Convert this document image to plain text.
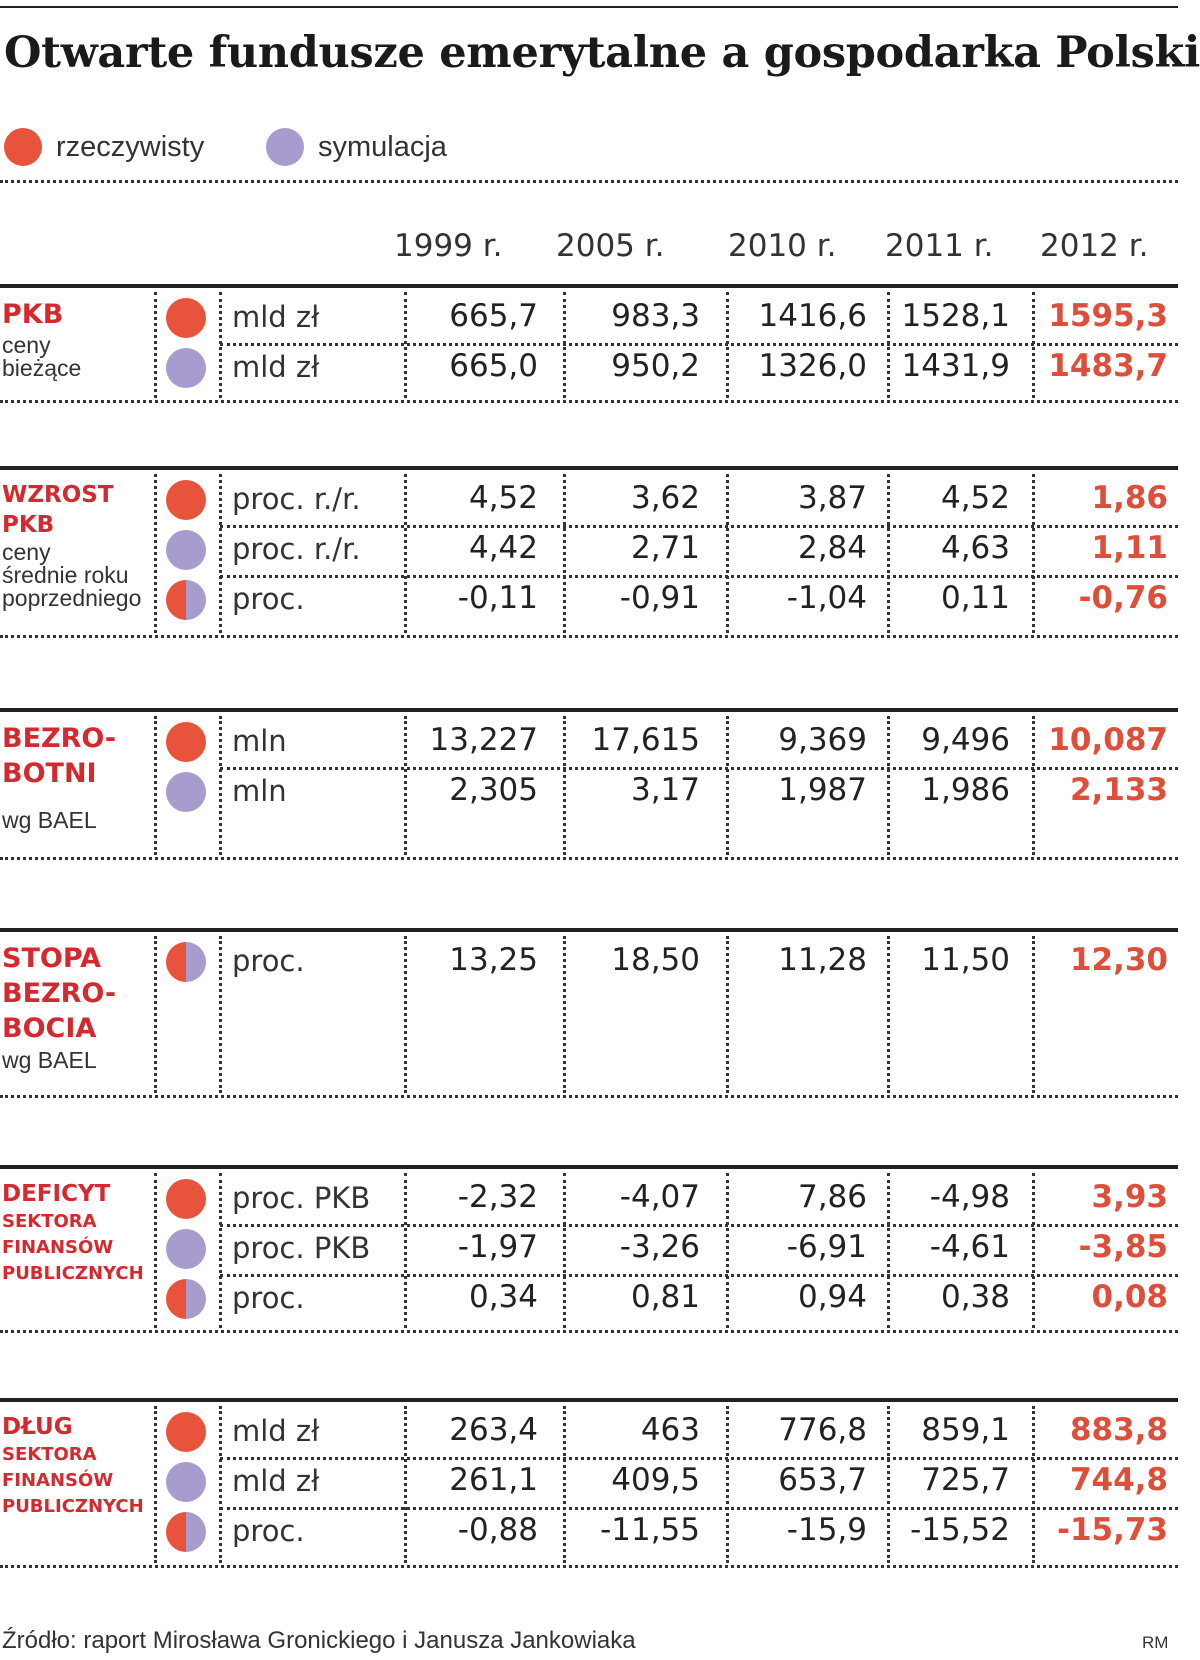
Otwarte fundusze emerytalne a gospodarka Polski
rzeczywisty	symulacja
1999 r. 2005 r. 2010 r. 2011 r. 2012 r.
PKB
ceny
bieżące
mld zł	665,7 983,3 1416,6 1528,1 1595,3
mld zł	665,0 950,2 1326,0 1431,9 1483,7
WZROST
PKB
ceny
średnie roku
poprzedniego
proc. r./r.	4,52	3,62	3,87 4,52	1,86
proc. r./r.	4,42	2,71	2,84 4,63	1,11
proc.	-0,11	-0,91	-1,04 0,11 -0,76
BEZRO-
BOTNI
wg BAEL
mln	13,227 17,615	9,369 9,496 10,087
mln	2,305	3,17	1,987 1,986 2,133
STOPA
BEZRO-
BOCIA
wg BAEL
proc.	13,25 18,50	11,28 11,50 12,30
DEFICYT
SEKTORA
FINANSÓW
PUBLICZNYCH
proc. PKB	-2,32	-4,07	7,86 -4,98	3,93
proc. PKB	-1,97	-3,26	-6,91 -4,61 -3,85
proc.	0,34	0,81	0,94 0,38	0,08
DŁUG
SEKTORA
FINANSÓW
PUBLICZNYCH
mld zł	263,4	463	776,8 859,1 883,8
mld zł	261,1 409,5	653,7 725,7 744,8
proc.	-0,88 -11,55	-15,9 -15,52 -15,73
Źródło: raport Mirosława Gronickiego i Janusza Jankowiaka	RM
